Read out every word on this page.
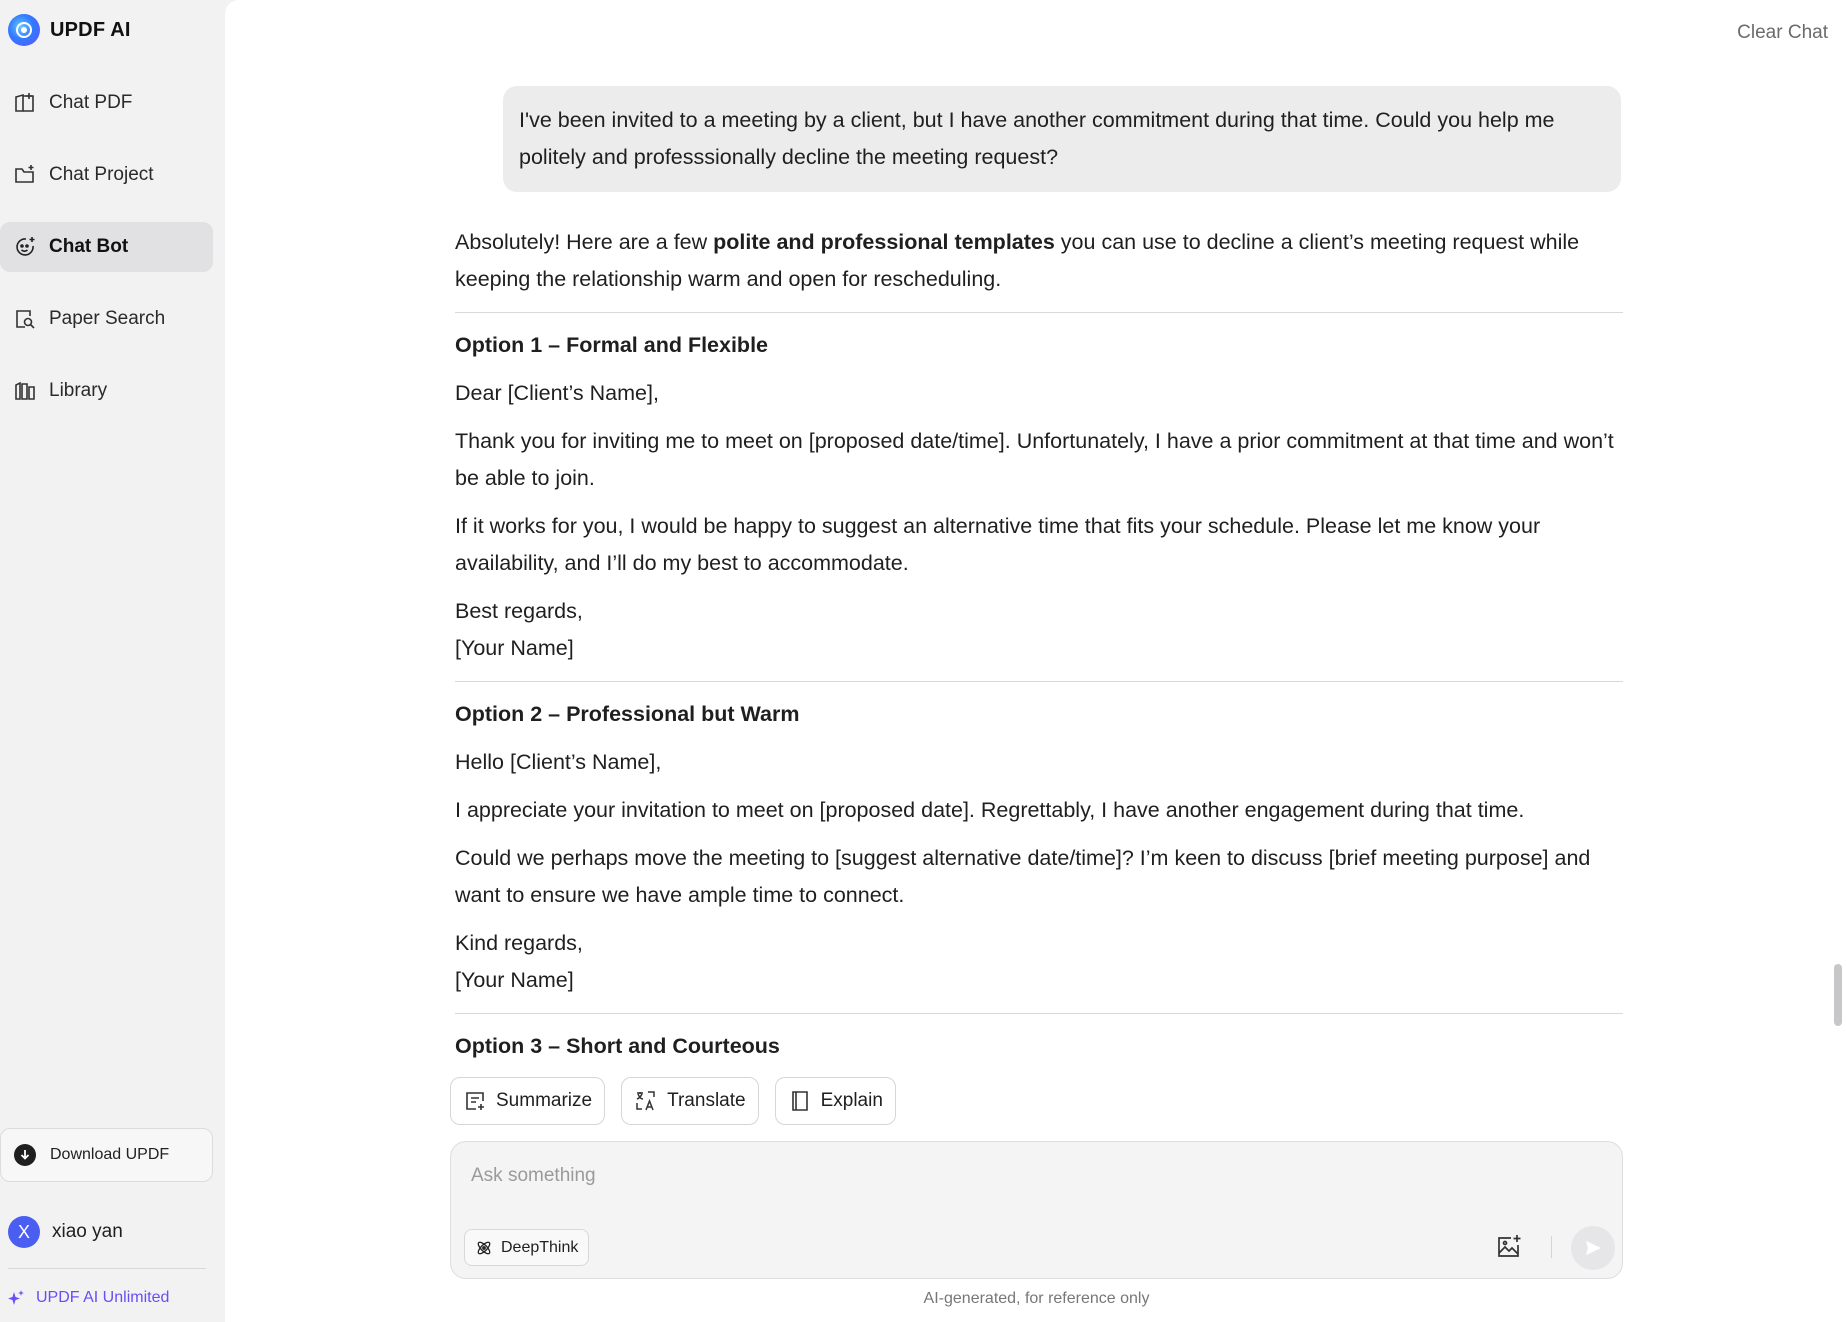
UPDF AI
Chat PDF
Chat Project
Chat Bot
Paper Search
Library
Download UPDF
X	xiao yan
UPDF AI Unlimited
Clear Chat
I've been invited to a meeting by a client, but I have another commitment during that time. Could you help me politely and professsionally decline the meeting request?

Absolutely! Here are a few polite and professional templates you can use to decline a client’s meeting request while keeping the relationship warm and open for rescheduling.

Option 1 – Formal and Flexible

Dear [Client’s Name],

Thank you for inviting me to meet on [proposed date/time]. Unfortunately, I have a prior commitment at that time and won’t be able to join.

If it works for you, I would be happy to suggest an alternative time that fits your schedule. Please let me know your availability, and I’ll do my best to accommodate.

Best regards,

[Your Name]

Option 2 – Professional but Warm

Hello [Client’s Name],

I appreciate your invitation to meet on [proposed date]. Regrettably, I have another engagement during that time.

Could we perhaps move the meeting to [suggest alternative date/time]? I’m keen to discuss [brief meeting purpose] and want to ensure we have ample time to connect.

Kind regards,

[Your Name]

Option 3 – Short and Courteous

Summarize	Translate	Explain
Ask something
DeepThink
AI-generated, for reference only
